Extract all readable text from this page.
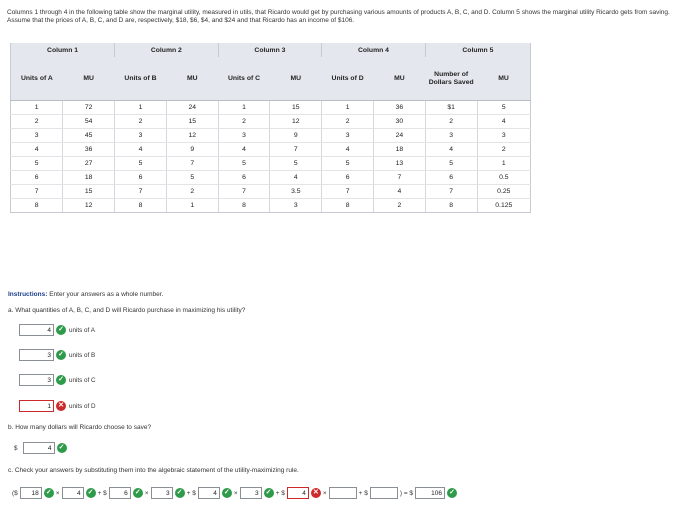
Columns 1 through 4 in the following table show the marginal utility, measured in utils, that Ricardo would get by purchasing various amounts of products A, B, C, and D. Column 5 shows the marginal utility Ricardo gets from saving. Assume that the prices of A, B, C, and D are, respectively, $18, $6, $4, and $24 and that Ricardo has an income of $106.
Column 1		Column 2		Column 3		Column 4		Column 5	
Units of A	MU	Units of B	MU	Units of C	MU	Units of D	MU	Number of Dollars Saved	MU
1	72	1	24	1	15	1	36	$1	5
2	54	2	15	2	12	2	30	2	4
3	45	3	12	3	9	3	24	3	3
4	36	4	9	4	7	4	18	4	2
5	27	5	7	5	5	5	13	5	1
6	18	6	5	6	4	6	7	6	0.5
7	15	7	2	7	3.5	7	4	7	0.25
8	12	8	1	8	3	8	2	8	0.125
Instructions: Enter your answers as a whole number.
a. What quantities of A, B, C, and D will Ricardo purchase in maximizing his utility?
4	✓ units of A
3	✓ units of B
3	✓ units of C
1	✕ units of D
b. How many dollars will Ricardo choose to save?
$	4	✓
c. Check your answers by substituting them into the algebraic statement of the utility-maximizing rule.
($	18	✓ ×	4	✓ + $	6	✓ ×	3	✓ + $	4	✓ ×	3	✓ + $	4	✕ ×	+ $	) = $	106	✓
